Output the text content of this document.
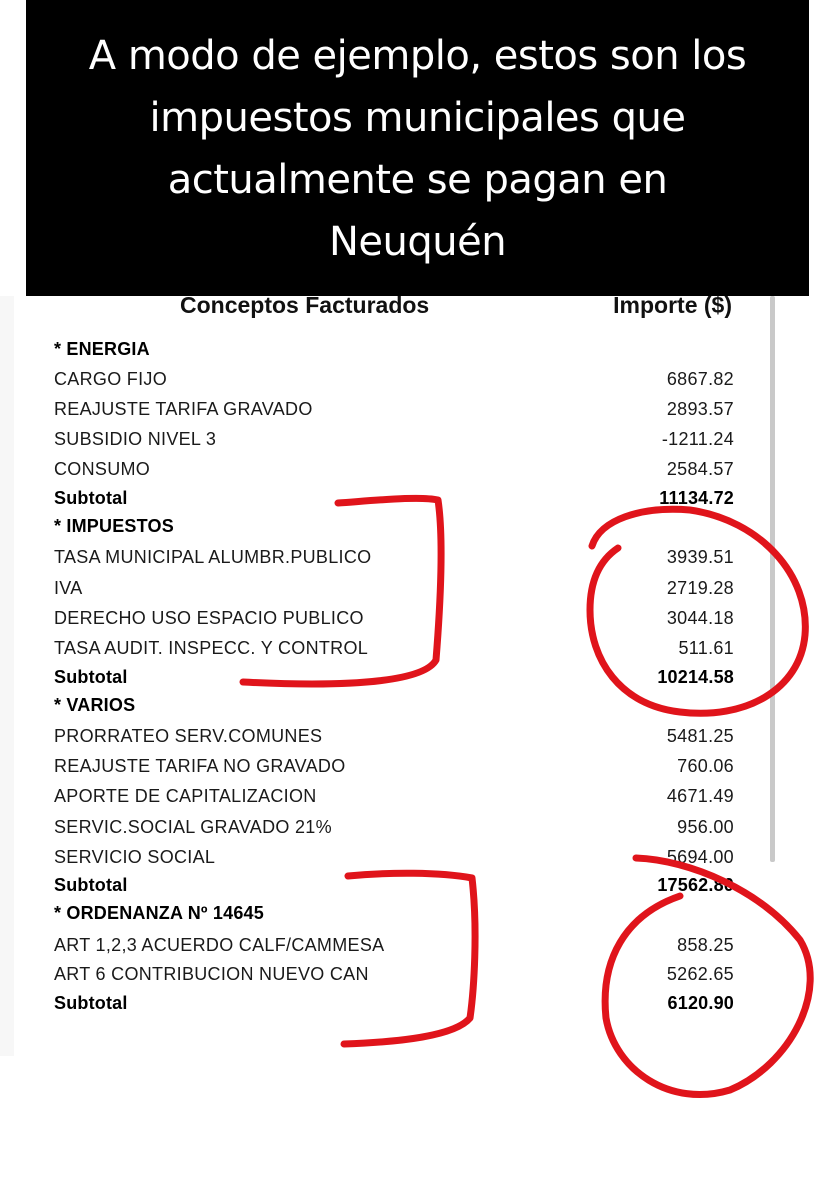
A modo de ejemplo, estos son los
impuestos municipales que
actualmente se pagan en
Neuquén
Conceptos Facturados	Importe ($)
* ENERGIA
CARGO FIJO	6867.82
REAJUSTE TARIFA GRAVADO	2893.57
SUBSIDIO NIVEL 3	-1211.24
CONSUMO	2584.57
Subtotal	11134.72
* IMPUESTOS
TASA MUNICIPAL ALUMBR.PUBLICO	3939.51
IVA	2719.28
DERECHO USO ESPACIO PUBLICO	3044.18
TASA AUDIT. INSPECC. Y CONTROL	511.61
Subtotal	10214.58
* VARIOS
PRORRATEO SERV.COMUNES	5481.25
REAJUSTE TARIFA NO GRAVADO	760.06
APORTE DE CAPITALIZACION	4671.49
SERVIC.SOCIAL GRAVADO 21%	956.00
SERVICIO SOCIAL	5694.00
Subtotal	17562.80
* ORDENANZA Nº 14645
ART 1,2,3 ACUERDO CALF/CAMMESA	858.25
ART 6 CONTRIBUCION NUEVO CAN	5262.65
Subtotal	6120.90
